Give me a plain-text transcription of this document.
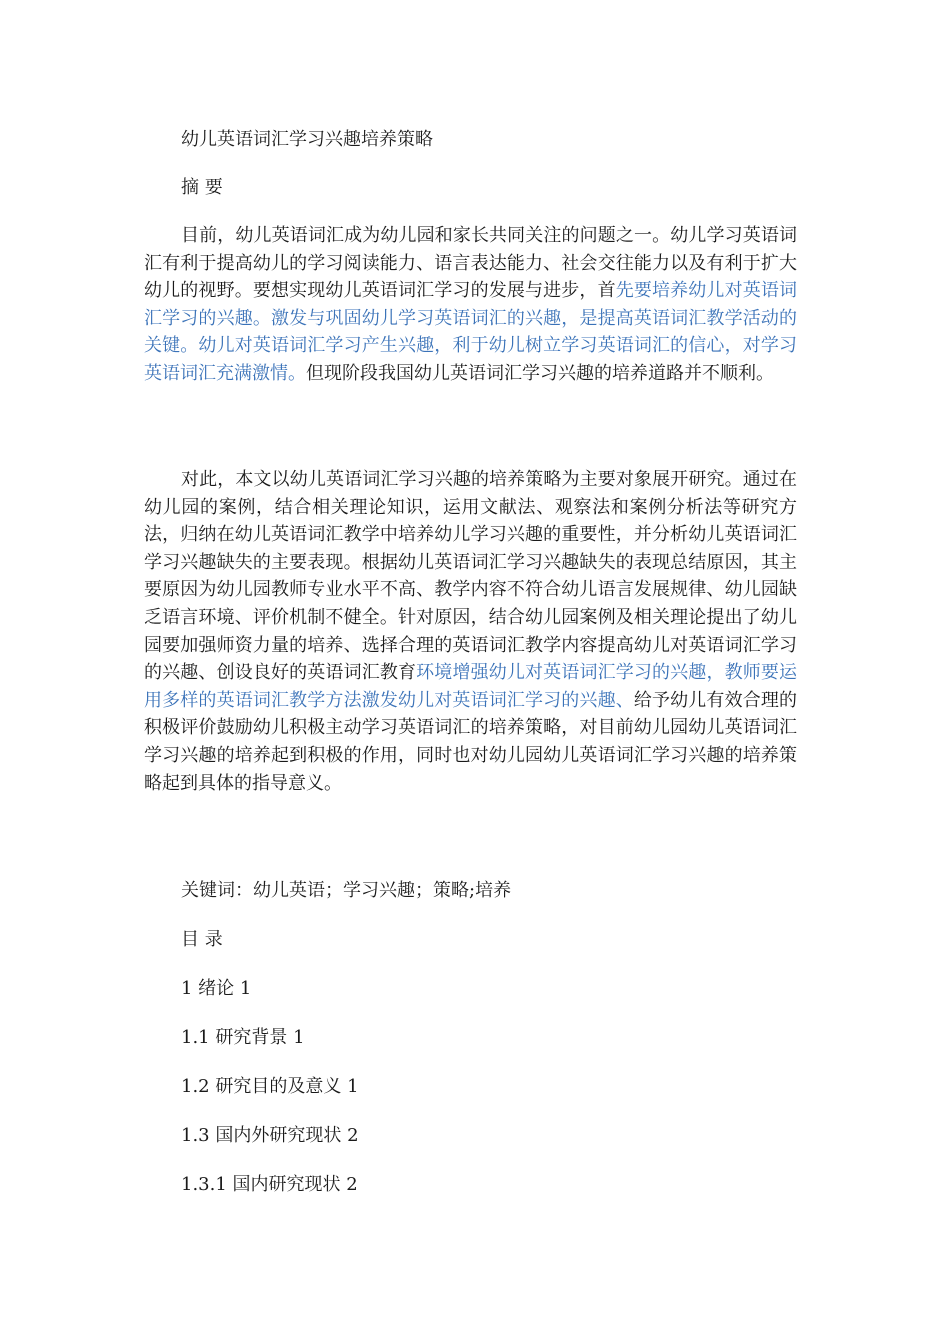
幼儿英语词汇学习兴趣培养策略
摘 要
目前，幼儿英语词汇成为幼儿园和家长共同关注的问题之一。幼儿学习英语词汇有利于提高幼儿的学习阅读能力、语言表达能力、社会交往能力以及有利于扩大幼儿的视野。要想实现幼儿英语词汇学习的发展与进步，首先要培养幼儿对英语词汇学习的兴趣。激发与巩固幼儿学习英语词汇的兴趣，是提高英语词汇教学活动的关键。幼儿对英语词汇学习产生兴趣，利于幼儿树立学习英语词汇的信心，对学习英语词汇充满激情。但现阶段我国幼儿英语词汇学习兴趣的培养道路并不顺利。
对此，本文以幼儿英语词汇学习兴趣的培养策略为主要对象展开研究。通过在幼儿园的案例，结合相关理论知识，运用文献法、观察法和案例分析法等研究方法，归纳在幼儿英语词汇教学中培养幼儿学习兴趣的重要性，并分析幼儿英语词汇学习兴趣缺失的主要表现。根据幼儿英语词汇学习兴趣缺失的表现总结原因，其主要原因为幼儿园教师专业水平不高、教学内容不符合幼儿语言发展规律、幼儿园缺乏语言环境、评价机制不健全。针对原因，结合幼儿园案例及相关理论提出了幼儿园要加强师资力量的培养、选择合理的英语词汇教学内容提高幼儿对英语词汇学习的兴趣、创设良好的英语词汇教育环境增强幼儿对英语词汇学习的兴趣，教师要运用多样的英语词汇教学方法激发幼儿对英语词汇学习的兴趣、给予幼儿有效合理的积极评价鼓励幼儿积极主动学习英语词汇的培养策略，对目前幼儿园幼儿英语词汇学习兴趣的培养起到积极的作用，同时也对幼儿园幼儿英语词汇学习兴趣的培养策略起到具体的指导意义。
关键词：幼儿英语；学习兴趣；策略;培养
目 录
1 绪论 1
1.1 研究背景 1
1.2 研究目的及意义 1
1.3 国内外研究现状 2
1.3.1 国内研究现状 2
